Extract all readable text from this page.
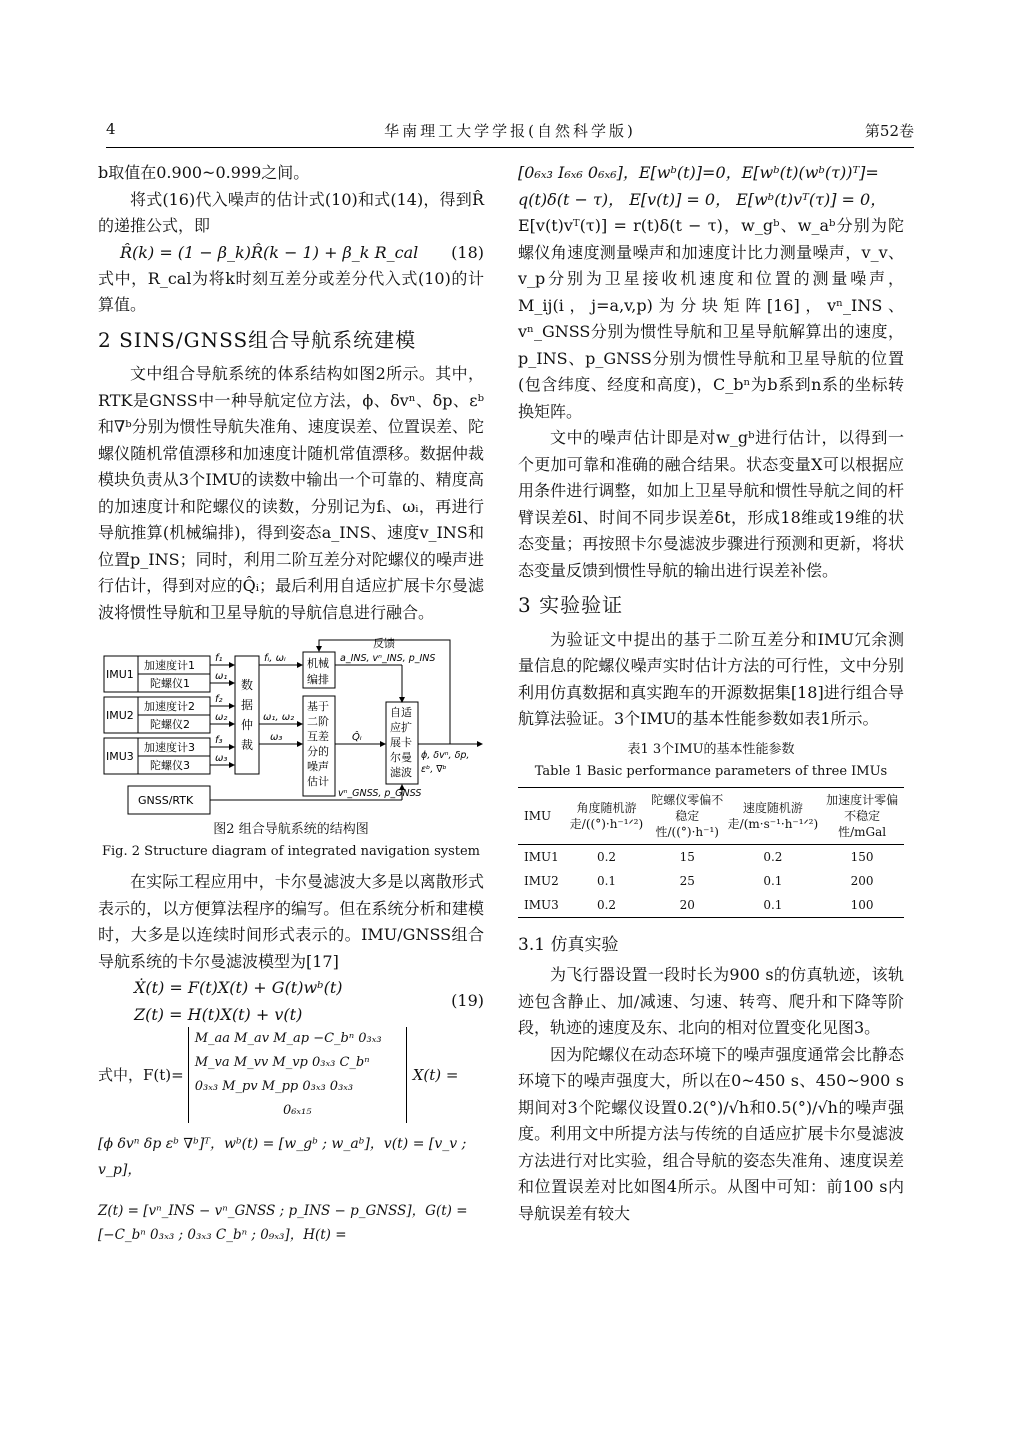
4	华南理工大学学报(自然科学版)	第52卷

b取值在0.900~0.999之间。

将式(16)代入噪声的估计式(10)和式(14)，得到R̂的递推公式，即

R̂(k) = (1 − β_k)R̂(k − 1) + β_k R_cal (18)

式中，R_cal为将k时刻互差分或差分代入式(10)的计算值。

2 SINS/GNSS组合导航系统建模

文中组合导航系统的体系结构如图2所示。其中，RTK是GNSS中一种导航定位方法，ϕ、δvⁿ、δp、εᵇ和∇ᵇ分别为惯性导航失准角、速度误差、位置误差、陀螺仪随机常值漂移和加速度计随机常值漂移。数据仲裁模块负责从3个IMU的读数中输出一个可靠的、精度高的加速度计和陀螺仪的读数，分别记为fᵢ、ωᵢ，再进行导航推算(机械编排)，得到姿态a_INS、速度v_INS和位置p_INS；同时，利用二阶互差分对陀螺仪的噪声进行估计，得到对应的Q̂ᵢ；最后利用自适应扩展卡尔曼滤波将惯性导航和卫星导航的导航信息进行融合。

IMU1
加速度计1
陀螺仪1
IMU2
加速度计2
陀螺仪2
IMU3
加速度计3
陀螺仪3
GNSS/RTK
f₁
ω₁
f₂
ω₂
f₃
ω₃
数
据
仲
裁
fᵢ, ωᵢ 机械
编排
ω₁, ω₂
ω₃
基于
二阶
互差
分的
噪声
估计
a_INS, vⁿ_INS, p_INS
Q̂ᵢ
自适
应扩
展卡
尔曼
滤波
vⁿ_GNSS, p_GNSS
ϕ, δvⁿ, δp,
εᵇ, ∇ᵇ
反馈
图2 组合导航系统的结构图
Fig. 2 Structure diagram of integrated navigation system

在实际工程应用中，卡尔曼滤波大多是以离散形式表示的，以方便算法程序的编写。但在系统分析和建模时，大多是以连续时间形式表示的。IMU/GNSS组合导航系统的卡尔曼滤波模型为[17]

Ẋ(t) = F(t)X(t) + G(t)wᵇ(t)
Z(t) = H(t)X(t) + v(t)
(19)
式中，F(t)=
M_aa M_av M_ap −C_bⁿ 0₃ₓ₃
M_va M_vv M_vp 0₃ₓ₃ C_bⁿ
0₃ₓ₃ M_pv M_pp 0₃ₓ₃ 0₃ₓ₃
0₆ₓ₁₅
X(t) =
[ϕ δvⁿ δp εᵇ ∇ᵇ]ᵀ，wᵇ(t) = [w_gᵇ ; w_aᵇ]，v(t) = [v_v ; v_p]，
Z(t) = [vⁿ_INS − vⁿ_GNSS ; p_INS − p_GNSS]，G(t) = [−C_bⁿ 0₃ₓ₃ ; 0₃ₓ₃ C_bⁿ ; 0₉ₓ₃]，H(t) =

[0₆ₓ₃ I₆ₓ₆ 0₆ₓ₆]，E[wᵇ(t)]=0，E[wᵇ(t)(wᵇ(τ))ᵀ]=

q(t)δ(t − τ)， E[v(t)] = 0， E[wᵇ(t)vᵀ(τ)] = 0，

E[v(t)vᵀ(τ)] = r(t)δ(t − τ)，w_gᵇ、w_aᵇ分别为陀螺仪角速度测量噪声和加速度计比力测量噪声，v_v、v_p分别为卫星接收机速度和位置的测量噪声，M_ij(i，j=a,v,p)为分块矩阵[16]，vⁿ_INS、vⁿ_GNSS分别为惯性导航和卫星导航解算出的速度，p_INS、p_GNSS分别为惯性导航和卫星导航的位置(包含纬度、经度和高度)，C_bⁿ为b系到n系的坐标转换矩阵。

文中的噪声估计即是对w_gᵇ进行估计，以得到一个更加可靠和准确的融合结果。状态变量X可以根据应用条件进行调整，如加上卫星导航和惯性导航之间的杆臂误差δl、时间不同步误差δt，形成18维或19维的状态变量；再按照卡尔曼滤波步骤进行预测和更新，将状态变量反馈到惯性导航的输出进行误差补偿。

3 实验验证

为验证文中提出的基于二阶互差分和IMU冗余测量信息的陀螺仪噪声实时估计方法的可行性，文中分别利用仿真数据和真实跑车的开源数据集[18]进行组合导航算法验证。3个IMU的基本性能参数如表1所示。

表1 3个IMU的基本性能参数
Table 1 Basic performance parameters of three IMUs
IMU	角度随机游走/((°)·h⁻¹ᐟ²)	陀螺仪零偏不稳定性/((°)·h⁻¹)	速度随机游走/(m·s⁻¹·h⁻¹ᐟ²)	加速度计零偏不稳定性/mGal
IMU1	0.2	15	0.2	150
IMU2	0.1	25	0.1	200
IMU3	0.2	20	0.1	100
3.1 仿真实验

为飞行器设置一段时长为900 s的仿真轨迹，该轨迹包含静止、加/减速、匀速、转弯、爬升和下降等阶段，轨迹的速度及东、北向的相对位置变化见图3。

因为陀螺仪在动态环境下的噪声强度通常会比静态环境下的噪声强度大，所以在0~450 s、450~900 s期间对3个陀螺仪设置0.2(°)/√h和0.5(°)/√h的噪声强度。利用文中所提方法与传统的自适应扩展卡尔曼滤波方法进行对比实验，组合导航的姿态失准角、速度误差和位置误差对比如图4所示。从图中可知：前100 s内导航误差有较大
